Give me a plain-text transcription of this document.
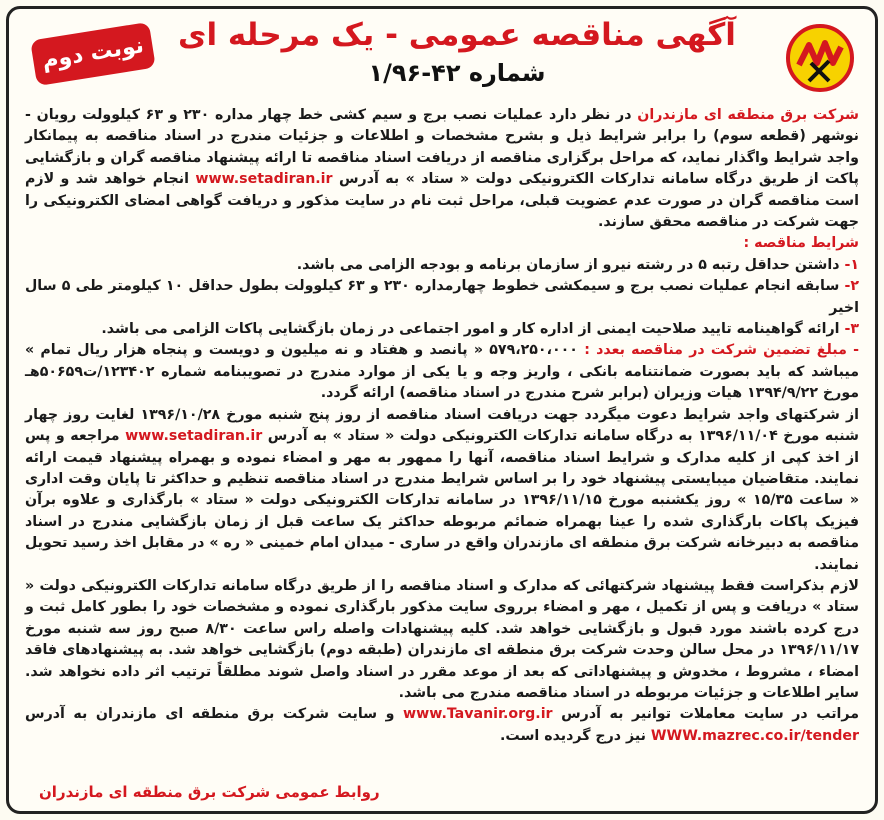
نوبت دوم	آگهی مناقصه عمومی - یک مرحله ای
شماره ۴۲-۱/۹۶

شرکت برق منطقه ای مازندران در نظر دارد عملیات نصب برج و سیم کشی خط چهار مداره ۲۳۰ و ۶۳ کیلوولت رویان - نوشهر (قطعه سوم) را برابر شرایط ذیل و بشرح مشخصات و اطلاعات و جزئیات مندرج در اسناد مناقصه به پیمانکار واجد شرایط واگذار نماید، که مراحل برگزاری مناقصه از دریافت اسناد مناقصه تا ارائه پیشنهاد مناقصه گران و بازگشایی پاکت از طریق درگاه سامانه تدارکات الکترونیکی دولت « ستاد » به آدرس www.setadiran.ir انجام خواهد شد و لازم است مناقصه گران در صورت عدم عضویت قبلی، مراحل ثبت نام در سایت مذکور و دریافت گواهی امضای الکترونیکی را جهت شرکت در مناقصه محقق سازند.

شرایط مناقصه :

۱- داشتن حداقل رتبه ۵ در رشته نیرو از سازمان برنامه و بودجه الزامی می باشد.

۲- سابقه انجام عملیات نصب برج و سیمکشی خطوط چهارمداره ۲۳۰ و ۶۳ کیلوولت بطول حداقل ۱۰ کیلومتر طی ۵ سال اخیر

۳- ارائه گواهینامه تایید صلاحیت ایمنی از اداره کار و امور اجتماعی در زمان بازگشایی پاکات الزامی می باشد.

- مبلغ تضمین شرکت در مناقصه بعدد : ۵۷۹،۲۵۰،۰۰۰ « پانصد و هفتاد و نه میلیون و دویست و پنجاه هزار ریال تمام » میباشد که باید بصورت ضمانتنامه بانکی ، واریز وجه و یا یکی از موارد مندرج در تصویبنامه شماره ۱۲۳۴۰۲/ت۵۰۶۵۹هـ مورخ ۱۳۹۴/۹/۲۲ هیات وزیران (برابر شرح مندرج در اسناد مناقصه) ارائه گردد.

از شرکتهای واجد شرایط دعوت میگردد جهت دریافت اسناد مناقصه از روز پنج شنبه مورخ ۱۳۹۶/۱۰/۲۸ لغایت روز چهار شنبه مورخ ۱۳۹۶/۱۱/۰۴ به درگاه سامانه تدارکات الکترونیکی دولت « ستاد » به آدرس www.setadiran.ir مراجعه و پس از اخذ کپی از کلیه مدارک و شرایط اسناد مناقصه، آنها را ممهور به مهر و امضاء نموده و بهمراه پیشنهاد قیمت ارائه نمایند. متقاضیان میبایستی پیشنهاد خود را بر اساس شرایط مندرج در اسناد مناقصه تنظیم و حداکثر تا پایان وقت اداری « ساعت ۱۵/۳۵ » روز یکشنبه مورخ ۱۳۹۶/۱۱/۱۵ در سامانه تدارکات الکترونیکی دولت « ستاد » بارگذاری و علاوه برآن فیزیک پاکات بارگذاری شده را عینا بهمراه ضمائم مربوطه حداکثر یک ساعت قبل از زمان بازگشایی مندرج در اسناد مناقصه به دبیرخانه شرکت برق منطقه ای مازندران واقع در ساری - میدان امام خمینی « ره » در مقابل اخذ رسید تحویل نمایند.

لازم بذکراست فقط پیشنهاد شرکتهائی که مدارک و اسناد مناقصه را از طریق درگاه سامانه تدارکات الکترونیکی دولت « ستاد » دریافت و پس از تکمیل ، مهر و امضاء برروی سایت مذکور بارگذاری نموده و مشخصات خود را بطور کامل ثبت و درج کرده باشند مورد قبول و بازگشایی خواهد شد. کلیه پیشنهادات واصله راس ساعت ۸/۳۰ صبح روز سه شنبه مورخ ۱۳۹۶/۱۱/۱۷ در محل سالن وحدت شرکت برق منطقه ای مازندران (طبقه دوم) بازگشایی خواهد شد. به پیشنهادهای فاقد امضاء ، مشروط ، مخدوش و پیشنهاداتی که بعد از موعد مقرر در اسناد واصل شوند مطلقاً ترتیب اثر داده نخواهد شد. سایر اطلاعات و جزئیات مربوطه در اسناد مناقصه مندرج می باشد.

مراتب در سایت معاملات توانیر به آدرس www.Tavanir.org.ir و سایت شرکت برق منطقه ای مازندران به آدرس WWW.mazrec.co.ir/tender نیز درج گردیده است.

روابط عمومی شرکت برق منطقه ای مازندران
